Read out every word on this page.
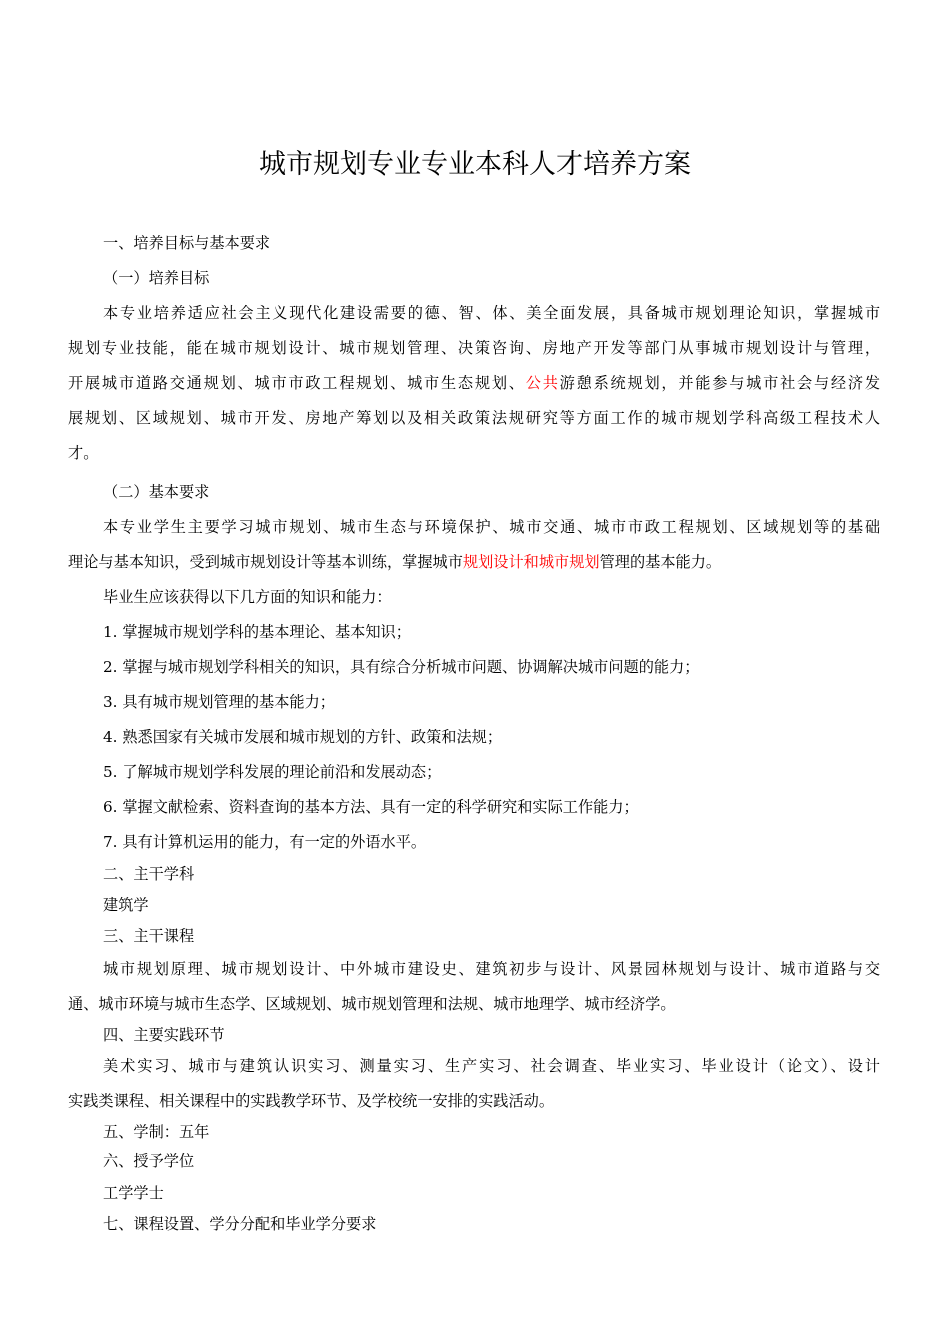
城市规划专业专业本科人才培养方案
一、培养目标与基本要求
（一）培养目标
本专业培养适应社会主义现代化建设需要的德、智、体、美全面发展，具备城市规划理论知识，掌握城市
规划专业技能，能在城市规划设计、城市规划管理、决策咨询、房地产开发等部门从事城市规划设计与管理，
开展城市道路交通规划、城市市政工程规划、城市生态规划、公共游憩系统规划，并能参与城市社会与经济发
展规划、区域规划、城市开发、房地产筹划以及相关政策法规研究等方面工作的城市规划学科高级工程技术人
才。
（二）基本要求
本专业学生主要学习城市规划、城市生态与环境保护、城市交通、城市市政工程规划、区域规划等的基础
理论与基本知识，受到城市规划设计等基本训练，掌握城市规划设计和城市规划管理的基本能力。
毕业生应该获得以下几方面的知识和能力：
1. 掌握城市规划学科的基本理论、基本知识；
2. 掌握与城市规划学科相关的知识，具有综合分析城市问题、协调解决城市问题的能力；
3. 具有城市规划管理的基本能力；
4. 熟悉国家有关城市发展和城市规划的方针、政策和法规；
5. 了解城市规划学科发展的理论前沿和发展动态；
6. 掌握文献检索、资料查询的基本方法、具有一定的科学研究和实际工作能力；
7. 具有计算机运用的能力，有一定的外语水平。
二、主干学科
建筑学
三、主干课程
城市规划原理、城市规划设计、中外城市建设史、建筑初步与设计、风景园林规划与设计、城市道路与交
通、城市环境与城市生态学、区域规划、城市规划管理和法规、城市地理学、城市经济学。
四、主要实践环节
美术实习、城市与建筑认识实习、测量实习、生产实习、社会调查、毕业实习、毕业设计（论文）、设计
实践类课程、相关课程中的实践教学环节、及学校统一安排的实践活动。
五、学制：五年
六、授予学位
工学学士
七、课程设置、学分分配和毕业学分要求
